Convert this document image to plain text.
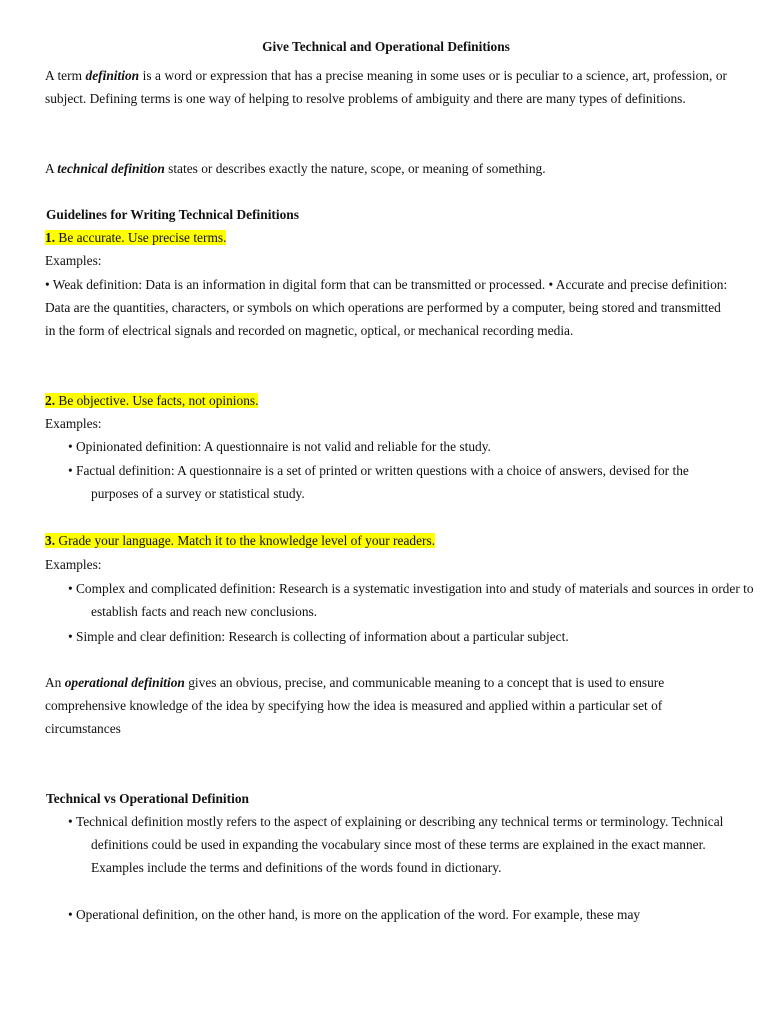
Give Technical and Operational Definitions

A term definition is a word or expression that has a precise meaning in some uses or is peculiar to a science, art, profession, or subject. Defining terms is one way of helping to resolve problems of ambiguity and there are many types of definitions.

A technical definition states or describes exactly the nature, scope, or meaning of something.

Guidelines for Writing Technical Definitions

1. Be accurate. Use precise terms.

Examples:

• Weak definition: Data is an information in digital form that can be transmitted or processed. • Accurate and precise definition: Data are the quantities, characters, or symbols on which operations are performed by a computer, being stored and transmitted in the form of electrical signals and recorded on magnetic, optical, or mechanical recording media.

2. Be objective. Use facts, not opinions.

Examples:

• Opinionated definition: A questionnaire is not valid and reliable for the study.

• Factual definition: A questionnaire is a set of printed or written questions with a choice of answers, devised for the purposes of a survey or statistical study.

3. Grade your language. Match it to the knowledge level of your readers.

Examples:

• Complex and complicated definition: Research is a systematic investigation into and study of materials and sources in order to establish facts and reach new conclusions.

• Simple and clear definition: Research is collecting of information about a particular subject.

An operational definition gives an obvious, precise, and communicable meaning to a concept that is used to ensure comprehensive knowledge of the idea by specifying how the idea is measured and applied within a particular set of circumstances

Technical vs Operational Definition

• Technical definition mostly refers to the aspect of explaining or describing any technical terms or terminology. Technical definitions could be used in expanding the vocabulary since most of these terms are explained in the exact manner. Examples include the terms and definitions of the words found in dictionary.

• Operational definition, on the other hand, is more on the application of the word. For example, these may
